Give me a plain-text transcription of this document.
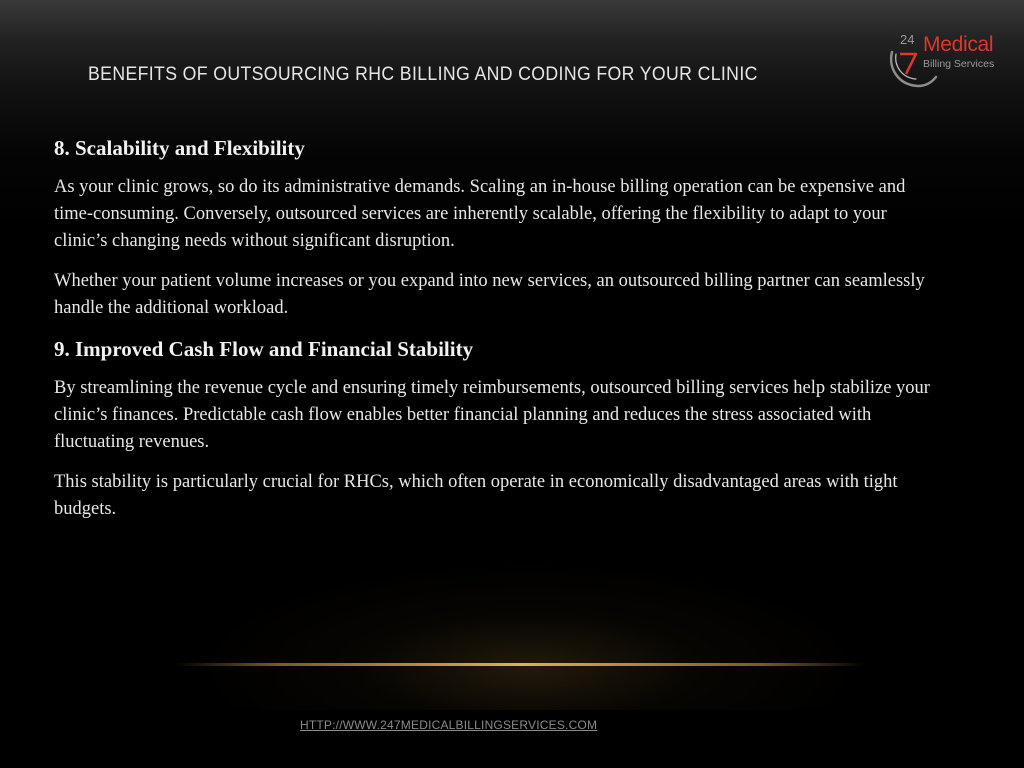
BENEFITS OF OUTSOURCING RHC BILLING AND CODING FOR YOUR CLINIC
24 Medical
Billing Services
8. Scalability and Flexibility

As your clinic grows, so do its administrative demands. Scaling an in-house billing operation can be expensive and time-consuming. Conversely, outsourced services are inherently scalable, offering the flexibility to adapt to your clinic’s changing needs without significant disruption.

Whether your patient volume increases or you expand into new services, an outsourced billing partner can seamlessly handle the additional workload.

9. Improved Cash Flow and Financial Stability

By streamlining the revenue cycle and ensuring timely reimbursements, outsourced billing services help stabilize your clinic’s finances. Predictable cash flow enables better financial planning and reduces the stress associated with fluctuating revenues.

This stability is particularly crucial for RHCs, which often operate in economically disadvantaged areas with tight budgets.

HTTP://WWW.247MEDICALBILLINGSERVICES.COM
